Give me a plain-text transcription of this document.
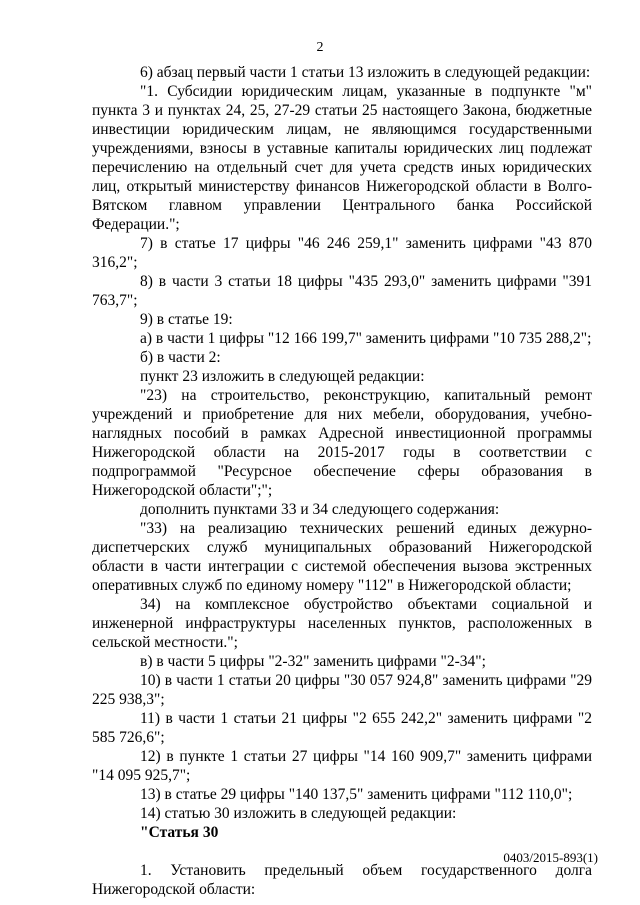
2

6) абзац первый части 1 статьи 13 изложить в следующей редакции:

"1. Субсидии юридическим лицам, указанные в подпункте "м" пункта 3 и пунктах 24, 25, 27-29 статьи 25 настоящего Закона, бюджетные инвестиции юридическим лицам, не являющимся государственными учреждениями, взносы в уставные капиталы юридических лиц подлежат перечислению на отдельный счет для учета средств иных юридических лиц, открытый министерству финансов Нижегородской области в Волго-Вятском главном управлении Центрального банка Российской Федерации.";

7) в статье 17 цифры "46 246 259,1" заменить цифрами "43 870 316,2";

8) в части 3 статьи 18 цифры "435 293,0" заменить цифрами "391 763,7";

9) в статье 19:

а) в части 1 цифры "12 166 199,7" заменить цифрами "10 735 288,2";

б) в части 2:

пункт 23 изложить в следующей редакции:

"23) на строительство, реконструкцию, капитальный ремонт учреждений и приобретение для них мебели, оборудования, учебно-наглядных пособий в рамках Адресной инвестиционной программы Нижегородской области на 2015-2017 годы в соответствии с подпрограммой "Ресурсное обеспечение сферы образования в Нижегородской области";";

дополнить пунктами 33 и 34 следующего содержания:

"33) на реализацию технических решений единых дежурно-диспетчерских служб муниципальных образований Нижегородской области в части интеграции с системой обеспечения вызова экстренных оперативных служб по единому номеру "112" в Нижегородской области;

34) на комплексное обустройство объектами социальной и инженерной инфраструктуры населенных пунктов, расположенных в сельской местности.";

в) в части 5 цифры "2-32" заменить цифрами "2-34";

10) в части 1 статьи 20 цифры "30 057 924,8" заменить цифрами "29 225 938,3";

11) в части 1 статьи 21 цифры "2 655 242,2" заменить цифрами "2 585 726,6";

12) в пункте 1 статьи 27 цифры "14 160 909,7" заменить цифрами "14 095 925,7";

13) в статье 29 цифры "140 137,5" заменить цифрами "112 110,0";

14) статью 30 изложить в следующей редакции:

"Статья 30

1. Установить предельный объем государственного долга Нижегородской области:

0403/2015-893(1)
